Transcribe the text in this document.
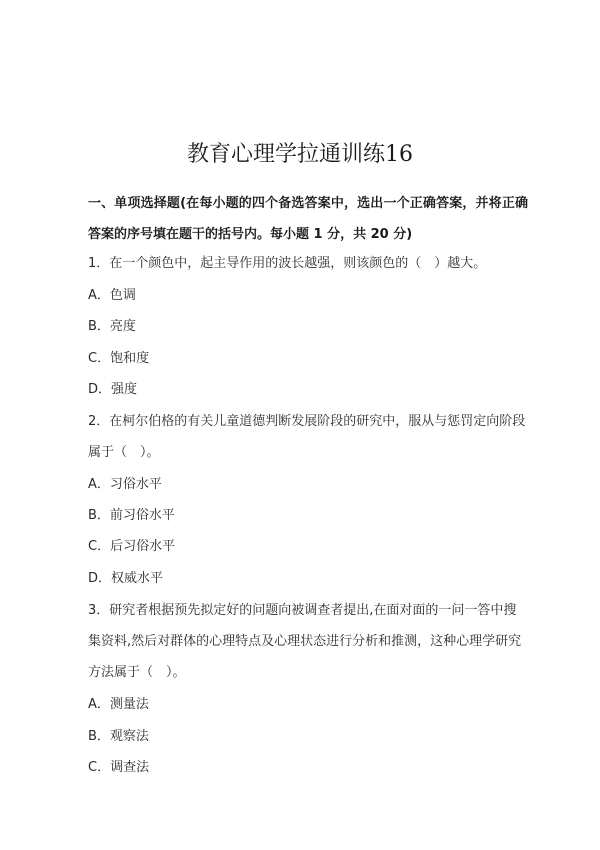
教育心理学拉通训练16
一、单项选择题(在每小题的四个备选答案中，选出一个正确答案，并将正确答案的序号填在题干的括号内。每小题 1 分，共 20 分)
1．在一个颜色中，起主导作用的波长越强，则该颜色的（　）越大。
A．色调
B．亮度
C．饱和度
D．强度
2．在柯尔伯格的有关儿童道德判断发展阶段的研究中，服从与惩罚定向阶段属于（　）。
A．习俗水平
B．前习俗水平
C．后习俗水平
D．权威水平
3．研究者根据预先拟定好的问题向被调查者提出,在面对面的一问一答中搜集资料,然后对群体的心理特点及心理状态进行分析和推测，这种心理学研究方法属于（　）。
A．测量法
B．观察法
C．调查法
